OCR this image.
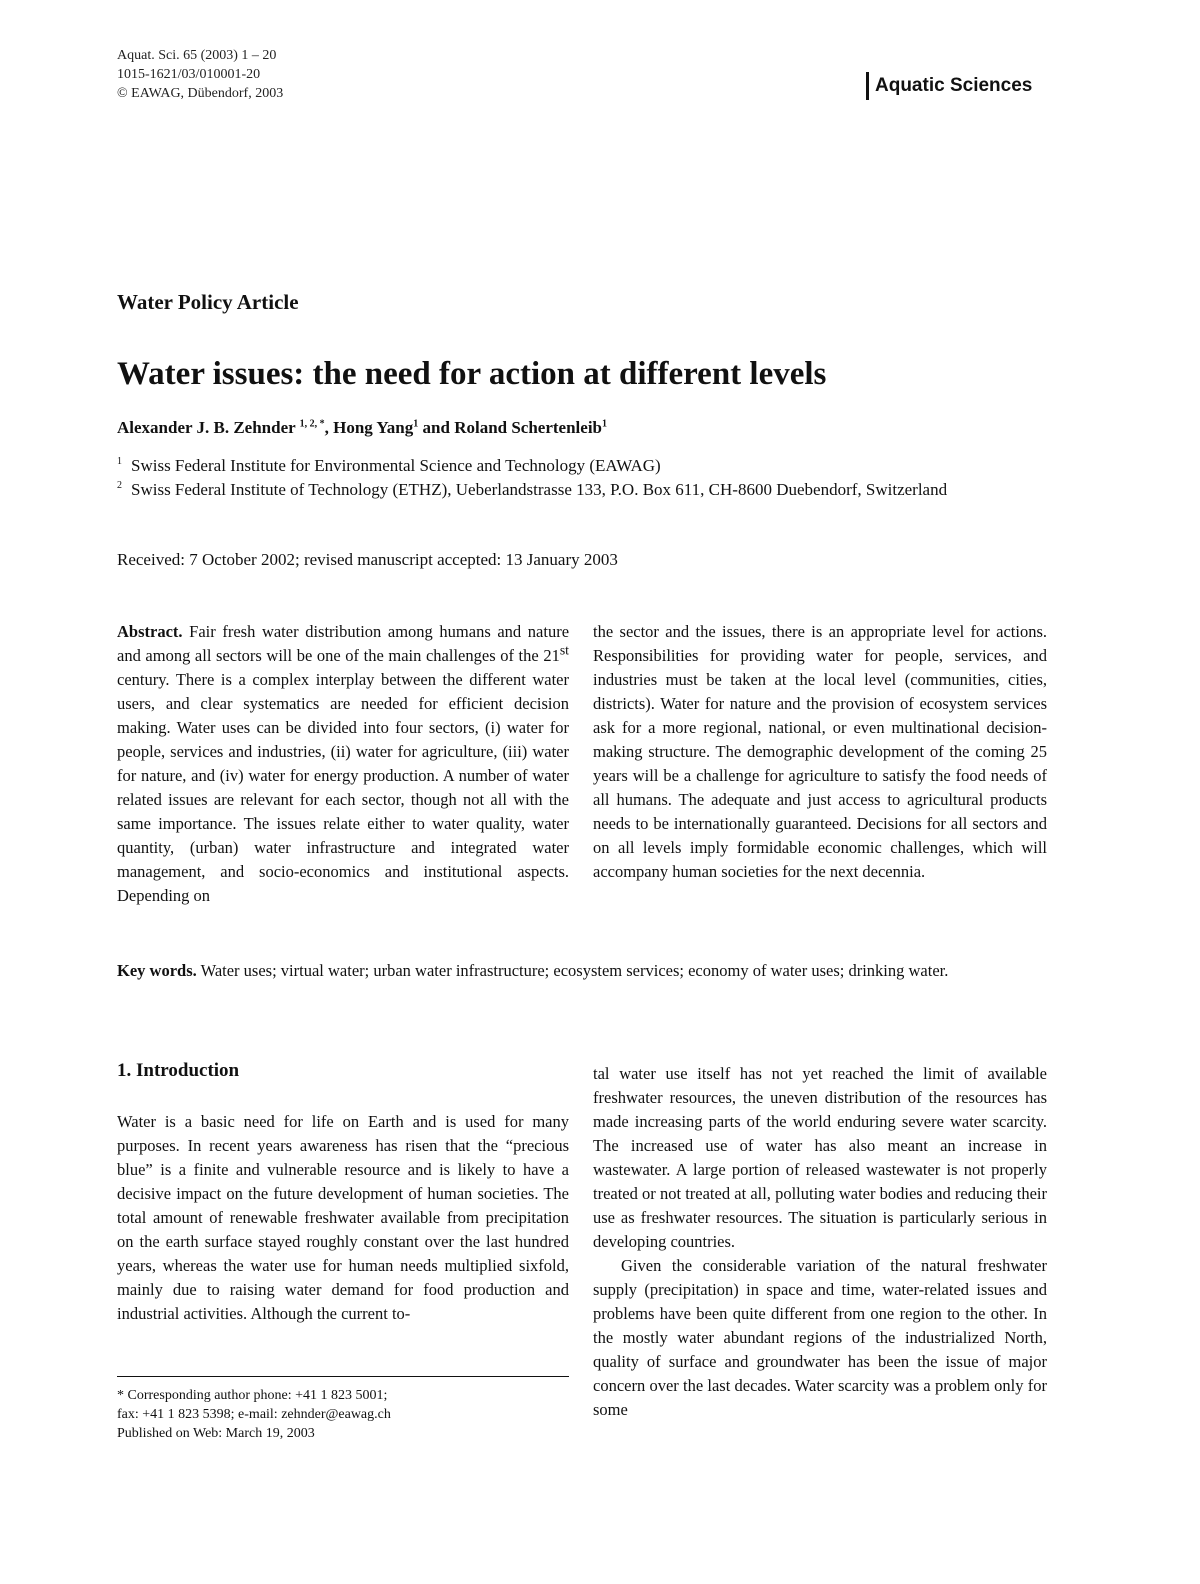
Aquat. Sci. 65 (2003) 1 – 20
1015-1621/03/010001-20
© EAWAG, Dübendorf, 2003	Aquatic Sciences
Water Policy Article
Water issues: the need for action at different levels
Alexander J. B. Zehnder $^{1, 2, *}$, Hong Yang$^1$ and Roland Schertenleib$^1$
1 Swiss Federal Institute for Environmental Science and Technology (EAWAG)
2 Swiss Federal Institute of Technology (ETHZ), Ueberlandstrasse 133, P.O. Box 611, CH-8600 Duebendorf, Switzerland
Received: 7 October 2002; revised manuscript accepted: 13 January 2003
Abstract. Fair fresh water distribution among humans and nature and among all sectors will be one of the main challenges of the 21st century. There is a complex interplay between the different water users, and clear systematics are needed for efficient decision making. Water uses can be divided into four sectors, (i) water for people, services and industries, (ii) water for agriculture, (iii) water for nature, and (iv) water for energy production. A number of water related issues are relevant for each sector, though not all with the same importance. The issues relate either to water quality, water quantity, (urban) water infrastructure and integrated water management, and socio-economics and institutional aspects. Depending on
the sector and the issues, there is an appropriate level for actions. Responsibilities for providing water for people, services, and industries must be taken at the local level (communities, cities, districts). Water for nature and the provision of ecosystem services ask for a more regional, national, or even multinational decision-making structure. The demographic development of the coming 25 years will be a challenge for agriculture to satisfy the food needs of all humans. The adequate and just access to agricultural products needs to be internationally guaranteed. Decisions for all sectors and on all levels imply formidable economic challenges, which will accompany human societies for the next decennia.
Key words. Water uses; virtual water; urban water infrastructure; ecosystem services; economy of water uses; drinking water.
1. Introduction
Water is a basic need for life on Earth and is used for many purposes. In recent years awareness has risen that the “precious blue” is a finite and vulnerable resource and is likely to have a decisive impact on the future development of human societies. The total amount of renewable freshwater available from precipitation on the earth surface stayed roughly constant over the last hundred years, whereas the water use for human needs multiplied sixfold, mainly due to raising water demand for food production and industrial activities. Although the current to-
tal water use itself has not yet reached the limit of available freshwater resources, the uneven distribution of the resources has made increasing parts of the world enduring severe water scarcity. The increased use of water has also meant an increase in wastewater. A large portion of released wastewater is not properly treated or not treated at all, polluting water bodies and reducing their use as freshwater resources. The situation is particularly serious in developing countries.
Given the considerable variation of the natural freshwater supply (precipitation) in space and time, water-related issues and problems have been quite different from one region to the other. In the mostly water abundant regions of the industrialized North, quality of surface and groundwater has been the issue of major concern over the last decades. Water scarcity was a problem only for some
* Corresponding author phone: +41 1 823 5001;
fax: +41 1 823 5398; e-mail: zehnder@eawag.ch
Published on Web: March 19, 2003
